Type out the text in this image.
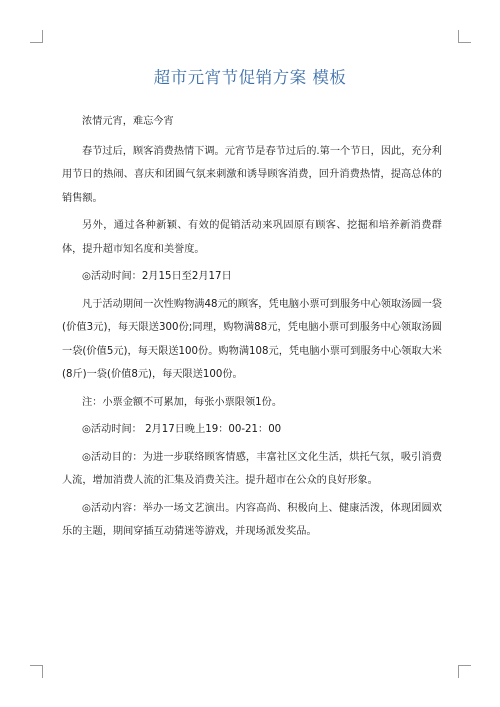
超市元宵节促销方案 模板

浓情元宵，难忘今宵

春节过后，顾客消费热情下调。元宵节是春节过后的.第一个节日，因此，充分利用节日的热闹、喜庆和团圆气氛来刺激和诱导顾客消费，回升消费热情，提高总体的销售额。

另外，通过各种新颖、有效的促销活动来巩固原有顾客、挖掘和培养新消费群体，提升超市知名度和美誉度。

◎活动时间：2月15日至2月17日

凡于活动期间一次性购物满48元的顾客，凭电脑小票可到服务中心领取汤圆一袋(价值3元)，每天限送300份;同理，购物满88元，凭电脑小票可到服务中心领取汤圆一袋(价值5元)，每天限送100份。购物满108元，凭电脑小票可到服务中心领取大米(8斤)一袋(价值8元)，每天限送100份。

注：小票金额不可累加，每张小票限领1份。

◎活动时间： 2月17日晚上19：00-21：00

◎活动目的：为进一步联络顾客情感，丰富社区文化生活，烘托气氛，吸引消费人流，增加消费人流的汇集及消费关注。提升超市在公众的良好形象。

◎活动内容：举办一场文艺演出。内容高尚、积极向上、健康活泼，体现团圆欢乐的主题，期间穿插互动猜迷等游戏，并现场派发奖品。
